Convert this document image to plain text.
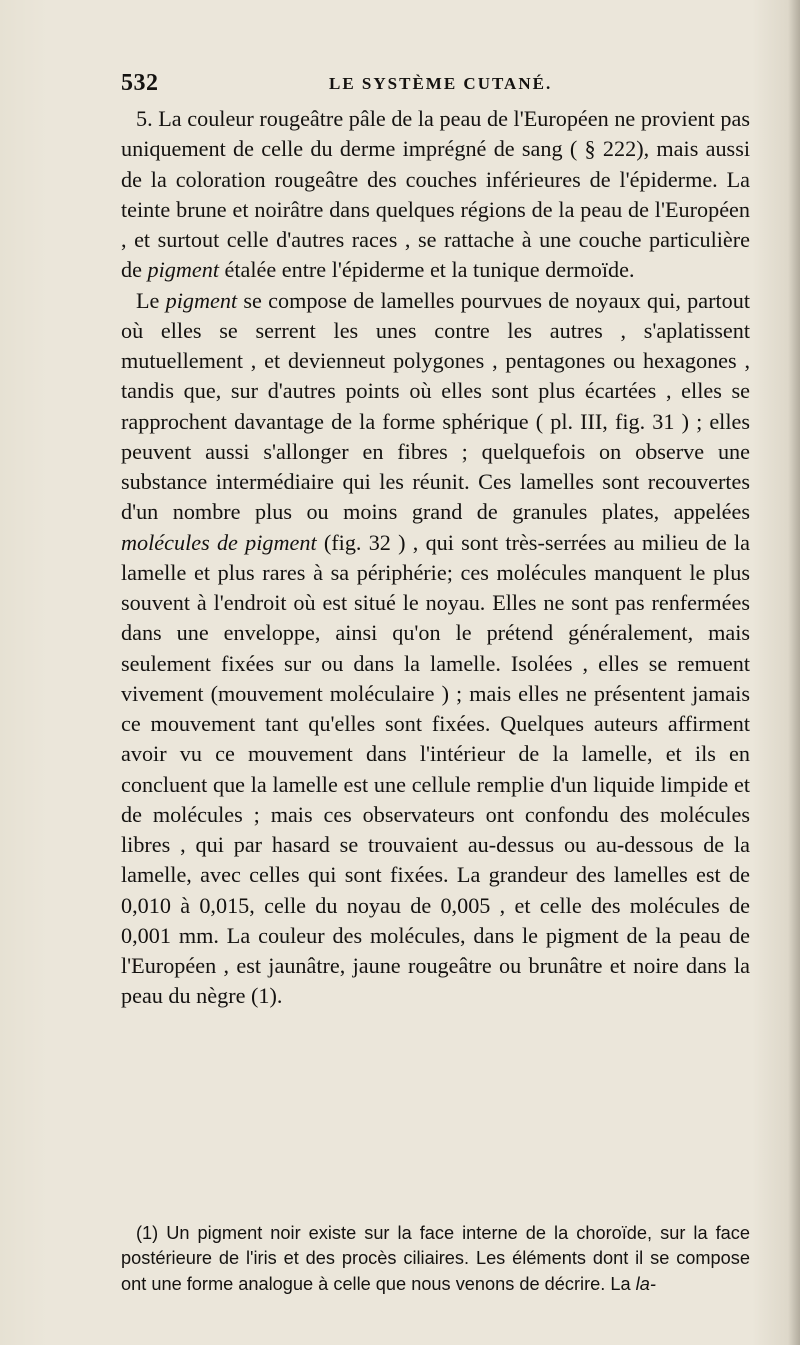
532	LE SYSTÈME CUTANÉ.

5. La couleur rougeâtre pâle de la peau de l'Européen ne provient pas uniquement de celle du derme imprégné de sang ( § 222), mais aussi de la coloration rougeâtre des couches inférieures de l'épiderme. La teinte brune et noirâtre dans quelques régions de la peau de l'Européen , et surtout celle d'autres races , se rattache à une couche particulière de pigment étalée entre l'épiderme et la tunique dermoïde.

Le pigment se compose de lamelles pourvues de noyaux qui, partout où elles se serrent les unes contre les autres , s'aplatissent mutuellement , et devienneut polygones , pentagones ou hexagones , tandis que, sur d'autres points où elles sont plus écartées , elles se rapprochent davantage de la forme sphérique ( pl. III, fig. 31 ) ; elles peuvent aussi s'allonger en fibres ; quelquefois on observe une substance intermédiaire qui les réunit. Ces lamelles sont recouvertes d'un nombre plus ou moins grand de granules plates, appelées molécules de pigment (fig. 32 ) , qui sont très-serrées au milieu de la lamelle et plus rares à sa périphérie; ces molécules manquent le plus souvent à l'endroit où est situé le noyau. Elles ne sont pas renfermées dans une enveloppe, ainsi qu'on le prétend généralement, mais seulement fixées sur ou dans la lamelle. Isolées , elles se remuent vivement (mouvement moléculaire ) ; mais elles ne présentent jamais ce mouvement tant qu'elles sont fixées. Quelques auteurs affirment avoir vu ce mouvement dans l'intérieur de la lamelle, et ils en concluent que la lamelle est une cellule remplie d'un liquide limpide et de molécules ; mais ces observateurs ont confondu des molécules libres , qui par hasard se trouvaient au-dessus ou au-dessous de la lamelle, avec celles qui sont fixées. La grandeur des lamelles est de 0,010 à 0,015, celle du noyau de 0,005 , et celle des molécules de 0,001 mm. La couleur des molécules, dans le pigment de la peau de l'Européen , est jaunâtre, jaune rougeâtre ou brunâtre et noire dans la peau du nègre (1).

(1) Un pigment noir existe sur la face interne de la choroïde, sur la face postérieure de l'iris et des procès ciliaires. Les éléments dont il se compose ont une forme analogue à celle que nous venons de décrire. La la-
